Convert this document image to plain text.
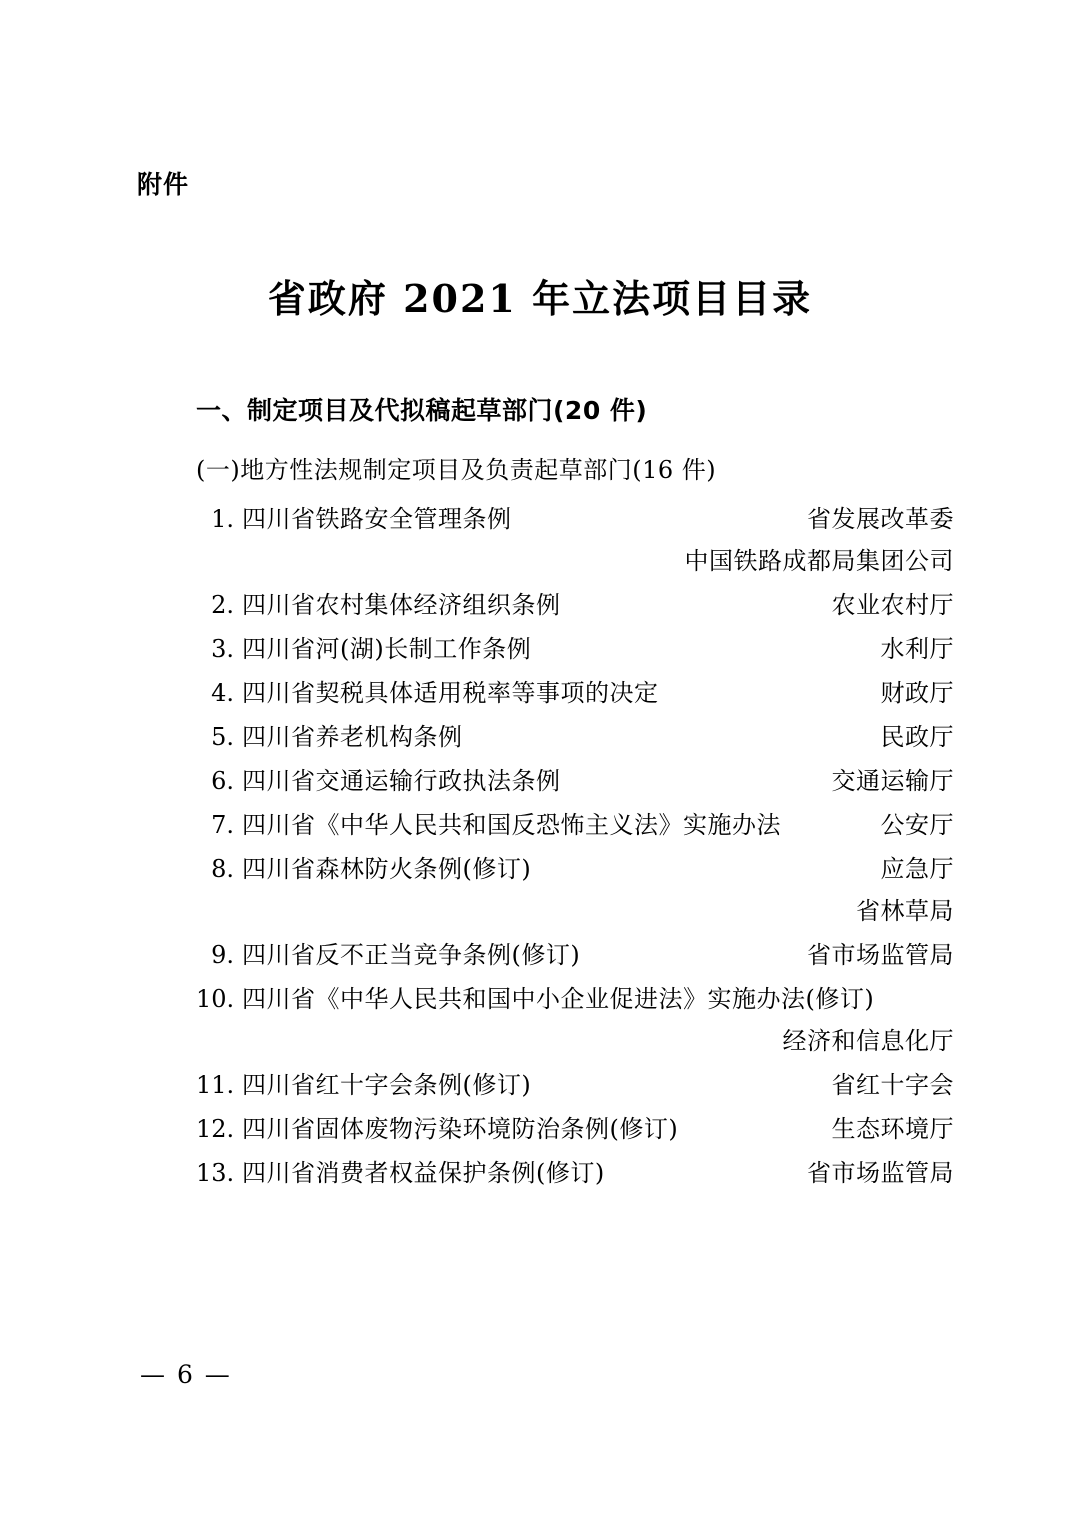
附件
省政府 2021 年立法项目目录
一、制定项目及代拟稿起草部门(20 件)
(一)地方性法规制定项目及负责起草部门(16 件)
1. 四川省铁路安全管理条例	省发展改革委
中国铁路成都局集团公司
2. 四川省农村集体经济组织条例	农业农村厅
3. 四川省河(湖)长制工作条例	水利厅
4. 四川省契税具体适用税率等事项的决定	财政厅
5. 四川省养老机构条例	民政厅
6. 四川省交通运输行政执法条例	交通运输厅
7. 四川省《中华人民共和国反恐怖主义法》实施办法	公安厅
8. 四川省森林防火条例(修订)	应急厅
省林草局
9. 四川省反不正当竞争条例(修订)	省市场监管局
10. 四川省《中华人民共和国中小企业促进法》实施办法(修订)
经济和信息化厅
11. 四川省红十字会条例(修订)	省红十字会
12. 四川省固体废物污染环境防治条例(修订)	生态环境厅
13. 四川省消费者权益保护条例(修订)	省市场监管局
— 6 —
